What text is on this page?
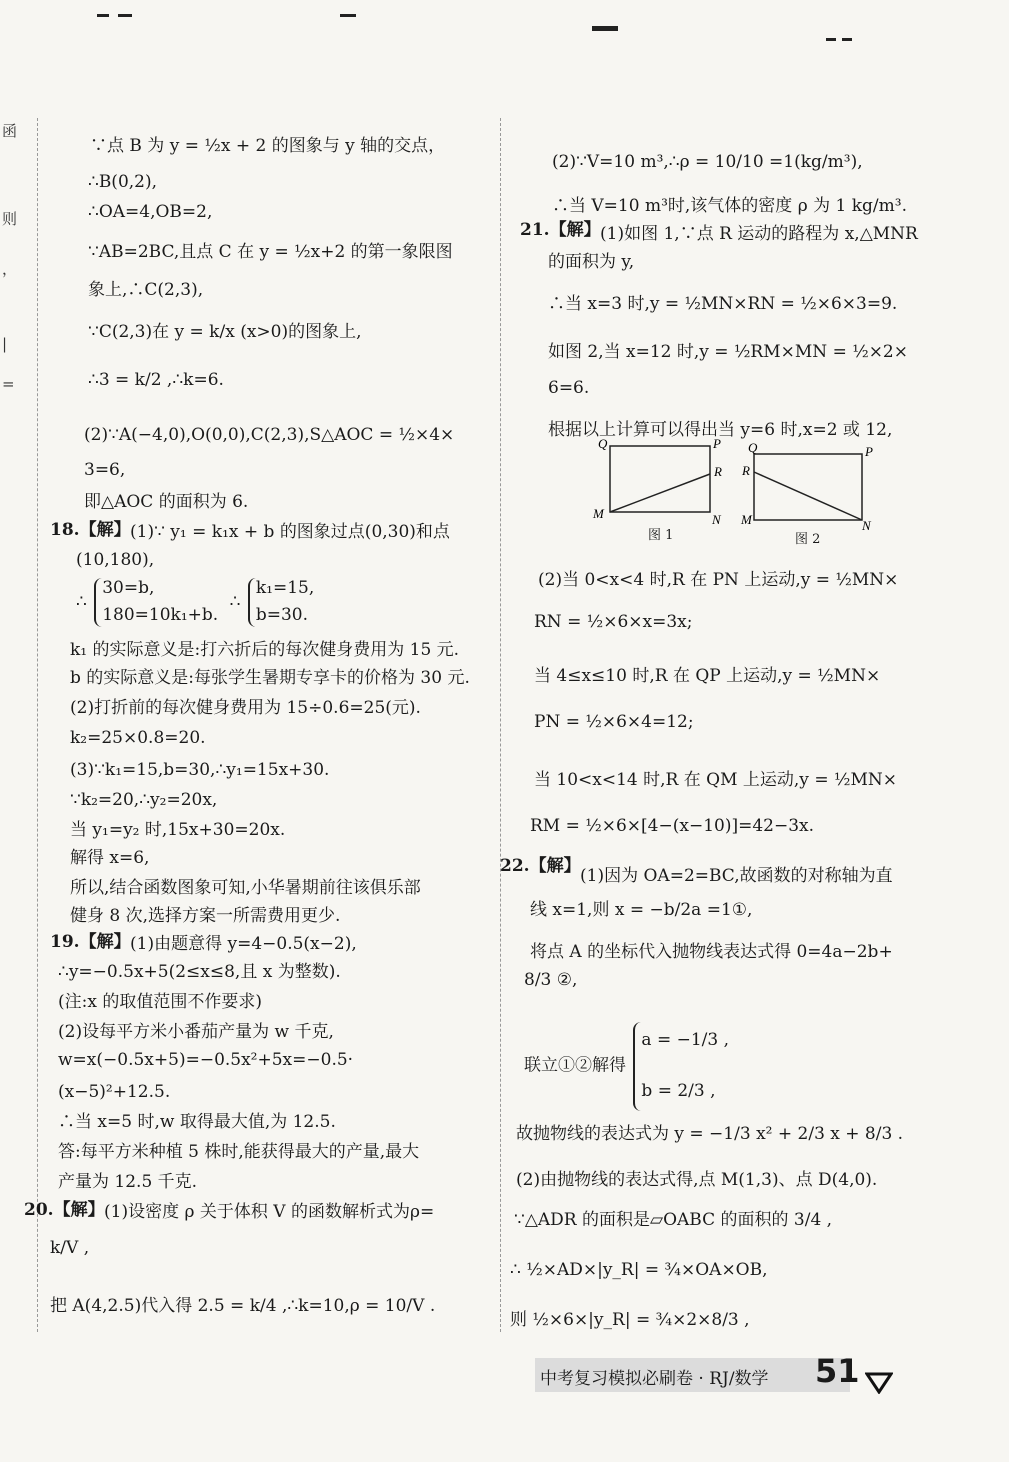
函
则
，
|
=
∵点 B 为 y = ½x + 2 的图象与 y 轴的交点，
∴B(0,2),
∴OA=4,OB=2,
∵AB=2BC,且点 C 在 y = ½x+2 的第一象限图
象上,∴C(2,3),
∵C(2,3)在 y = k/x (x>0)的图象上,
∴3 = k/2 ,∴k=6.
(2)∵A(−4,0),O(0,0),C(2,3),S△AOC = ½×4×
3=6,
即△AOC 的面积为 6.
18.【解】 (1)∵ y₁ = k₁x + b 的图象过点(0,30)和点
(10,180),
∴
30=b,
180=10k₁+b.
∴
k₁=15,
b=30.
k₁ 的实际意义是:打六折后的每次健身费用为 15 元.
b 的实际意义是:每张学生暑期专享卡的价格为 30 元.
(2)打折前的每次健身费用为 15÷0.6=25(元).
k₂=25×0.8=20.
(3)∵k₁=15,b=30,∴y₁=15x+30.
∵k₂=20,∴y₂=20x,
当 y₁=y₂ 时,15x+30=20x.
解得 x=6,
所以,结合函数图象可知,小华暑期前往该俱乐部
健身 8 次,选择方案一所需费用更少.
19.【解】 (1)由题意得 y=4−0.5(x−2),
∴y=−0.5x+5(2≤x≤8,且 x 为整数).
(注:x 的取值范围不作要求)
(2)设每平方米小番茄产量为 w 千克,
w=x(−0.5x+5)=−0.5x²+5x=−0.5·
(x−5)²+12.5.
∴当 x=5 时,w 取得最大值,为 12.5.
答:每平方米种植 5 株时,能获得最大的产量,最大
产量为 12.5 千克.
20.【解】 (1)设密度 ρ 关于体积 V 的函数解析式为ρ=
k/V ,
把 A(4,2.5)代入得 2.5 = k/4 ,∴k=10,ρ = 10/V .
(2)∵V=10 m³,∴ρ = 10/10 =1(kg/m³),
∴当 V=10 m³时,该气体的密度 ρ 为 1 kg/m³.
21.【解】 (1)如图 1,∵点 R 运动的路程为 x,△MNR
的面积为 y,
∴当 x=3 时,y = ½MN×RN = ½×6×3=9.
如图 2,当 x=12 时,y = ½RM×MN = ½×2×
6=6.
根据以上计算可以得出当 y=6 时,x=2 或 12,
Q	P
R
M	N
图 1
Q	P
R
M	N
图 2
(2)当 0<x<4 时,R 在 PN 上运动,y = ½MN×
RN = ½×6×x=3x;
当 4≤x≤10 时,R 在 QP 上运动,y = ½MN×
PN = ½×6×4=12;
当 10<x<14 时,R 在 QM 上运动,y = ½MN×
RM = ½×6×[4−(x−10)]=42−3x.
22.【解】 (1)因为 OA=2=BC,故函数的对称轴为直
线 x=1,则 x = −b/2a =1①,
将点 A 的坐标代入抛物线表达式得 0=4a−2b+
8/3 ②,
联立①②解得
a = −1/3 ,
b = 2/3 ,
故抛物线的表达式为 y = −1/3 x² + 2/3 x + 8/3 .
(2)由抛物线的表达式得,点 M(1,3)、点 D(4,0).
∵△ADR 的面积是▱OABC 的面积的 3/4 ,
∴ ½×AD×|y_R| = ¾×OA×OB,
则 ½×6×|y_R| = ¾×2×8/3 ,
中考复习模拟必刷卷 · RJ/数学 51
